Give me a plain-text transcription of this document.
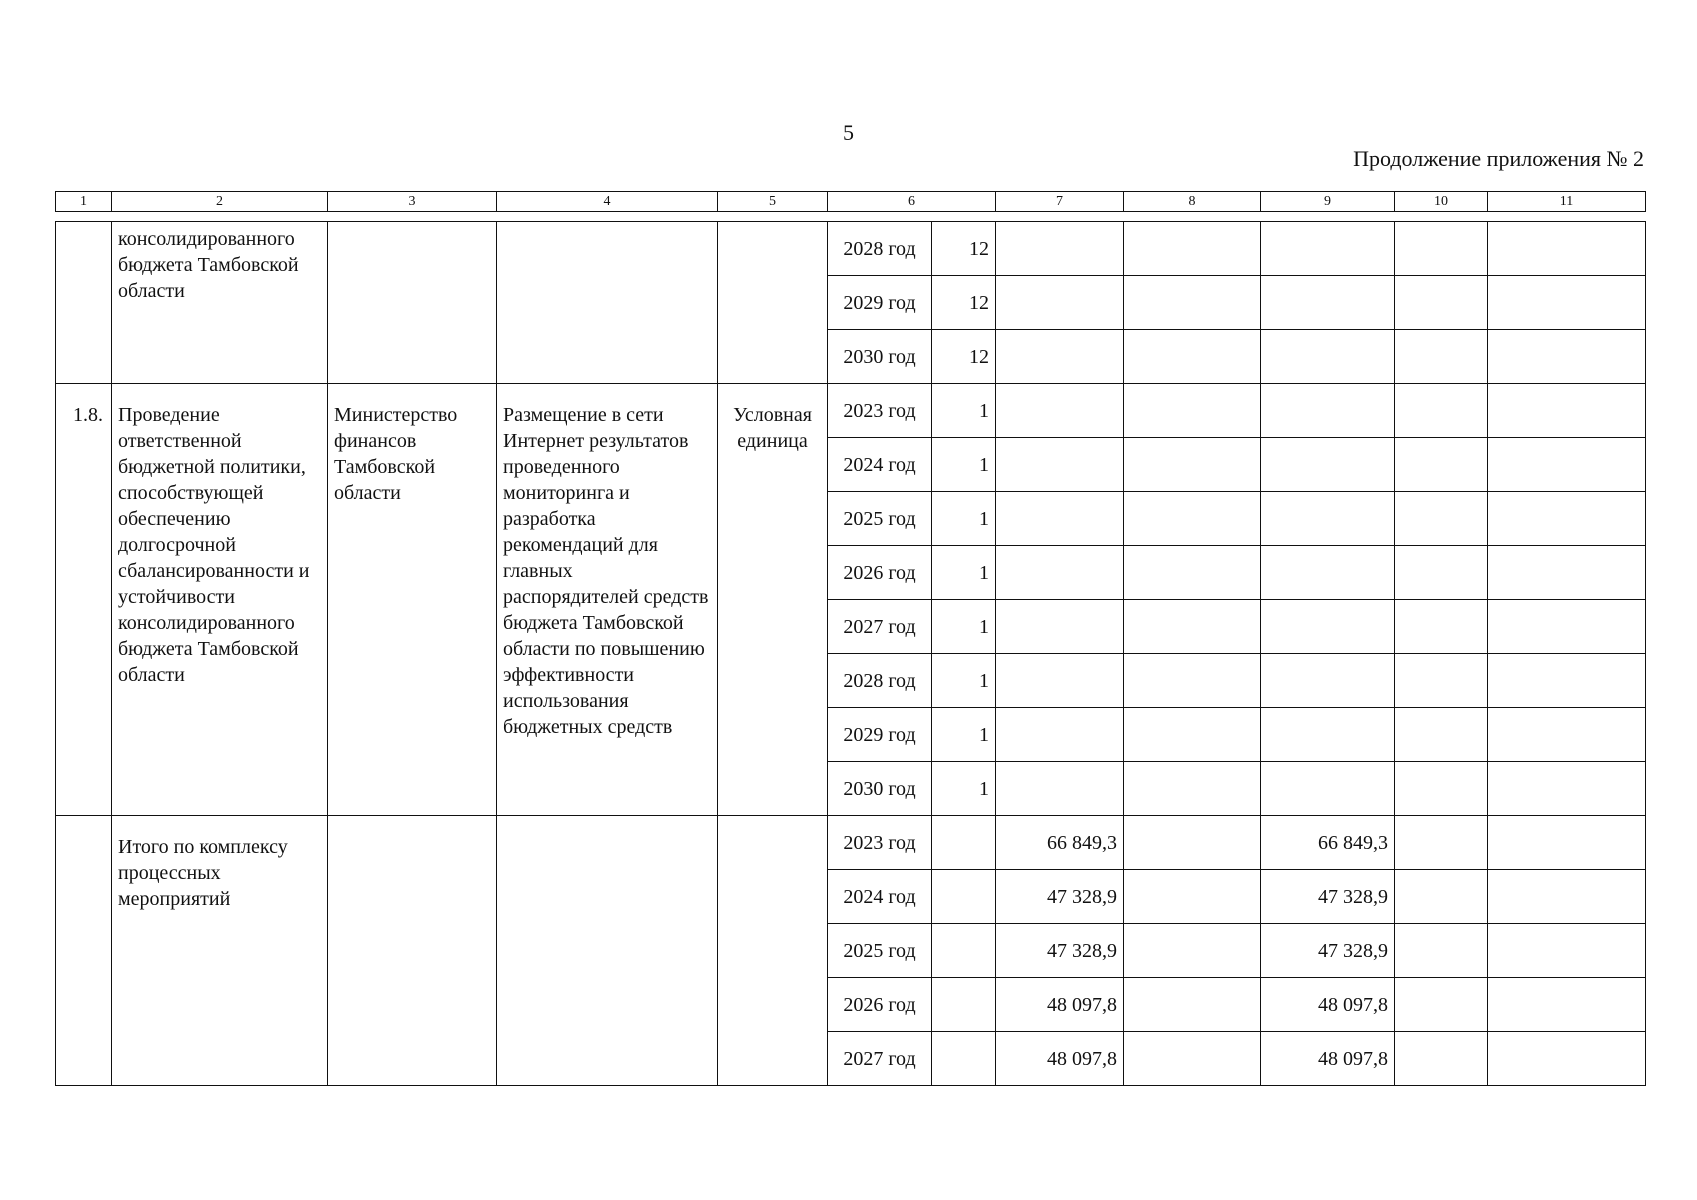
5
Продолжение приложения № 2
1	2	3	4	5	6	7	8	9	10	11
	консолидированного бюджета Тамбовской области				2028 год	12					
					2029 год	12					
					2030 год	12					
1.8.	Проведение ответственной бюджетной политики, способствующей обеспечению долгосрочной сбалансированности и устойчивости консолидированного бюджета Тамбовской области	Министерство финансов Тамбовской области	Размещение в сети Интернет результатов проведенного мониторинга и разработка рекомендаций для главных распорядителей средств бюджета Тамбовской области по повышению эффективности использования бюджетных средств	Условная единица	2023 год	1					
					2024 год	1					
					2025 год	1					
					2026 год	1					
					2027 год	1					
					2028 год	1					
					2029 год	1					
					2030 год	1					
	Итого по комплексу процессных мероприятий				2023 год		66 849,3		66 849,3		
					2024 год		47 328,9		47 328,9		
					2025 год		47 328,9		47 328,9		
					2026 год		48 097,8		48 097,8		
					2027 год		48 097,8		48 097,8		
